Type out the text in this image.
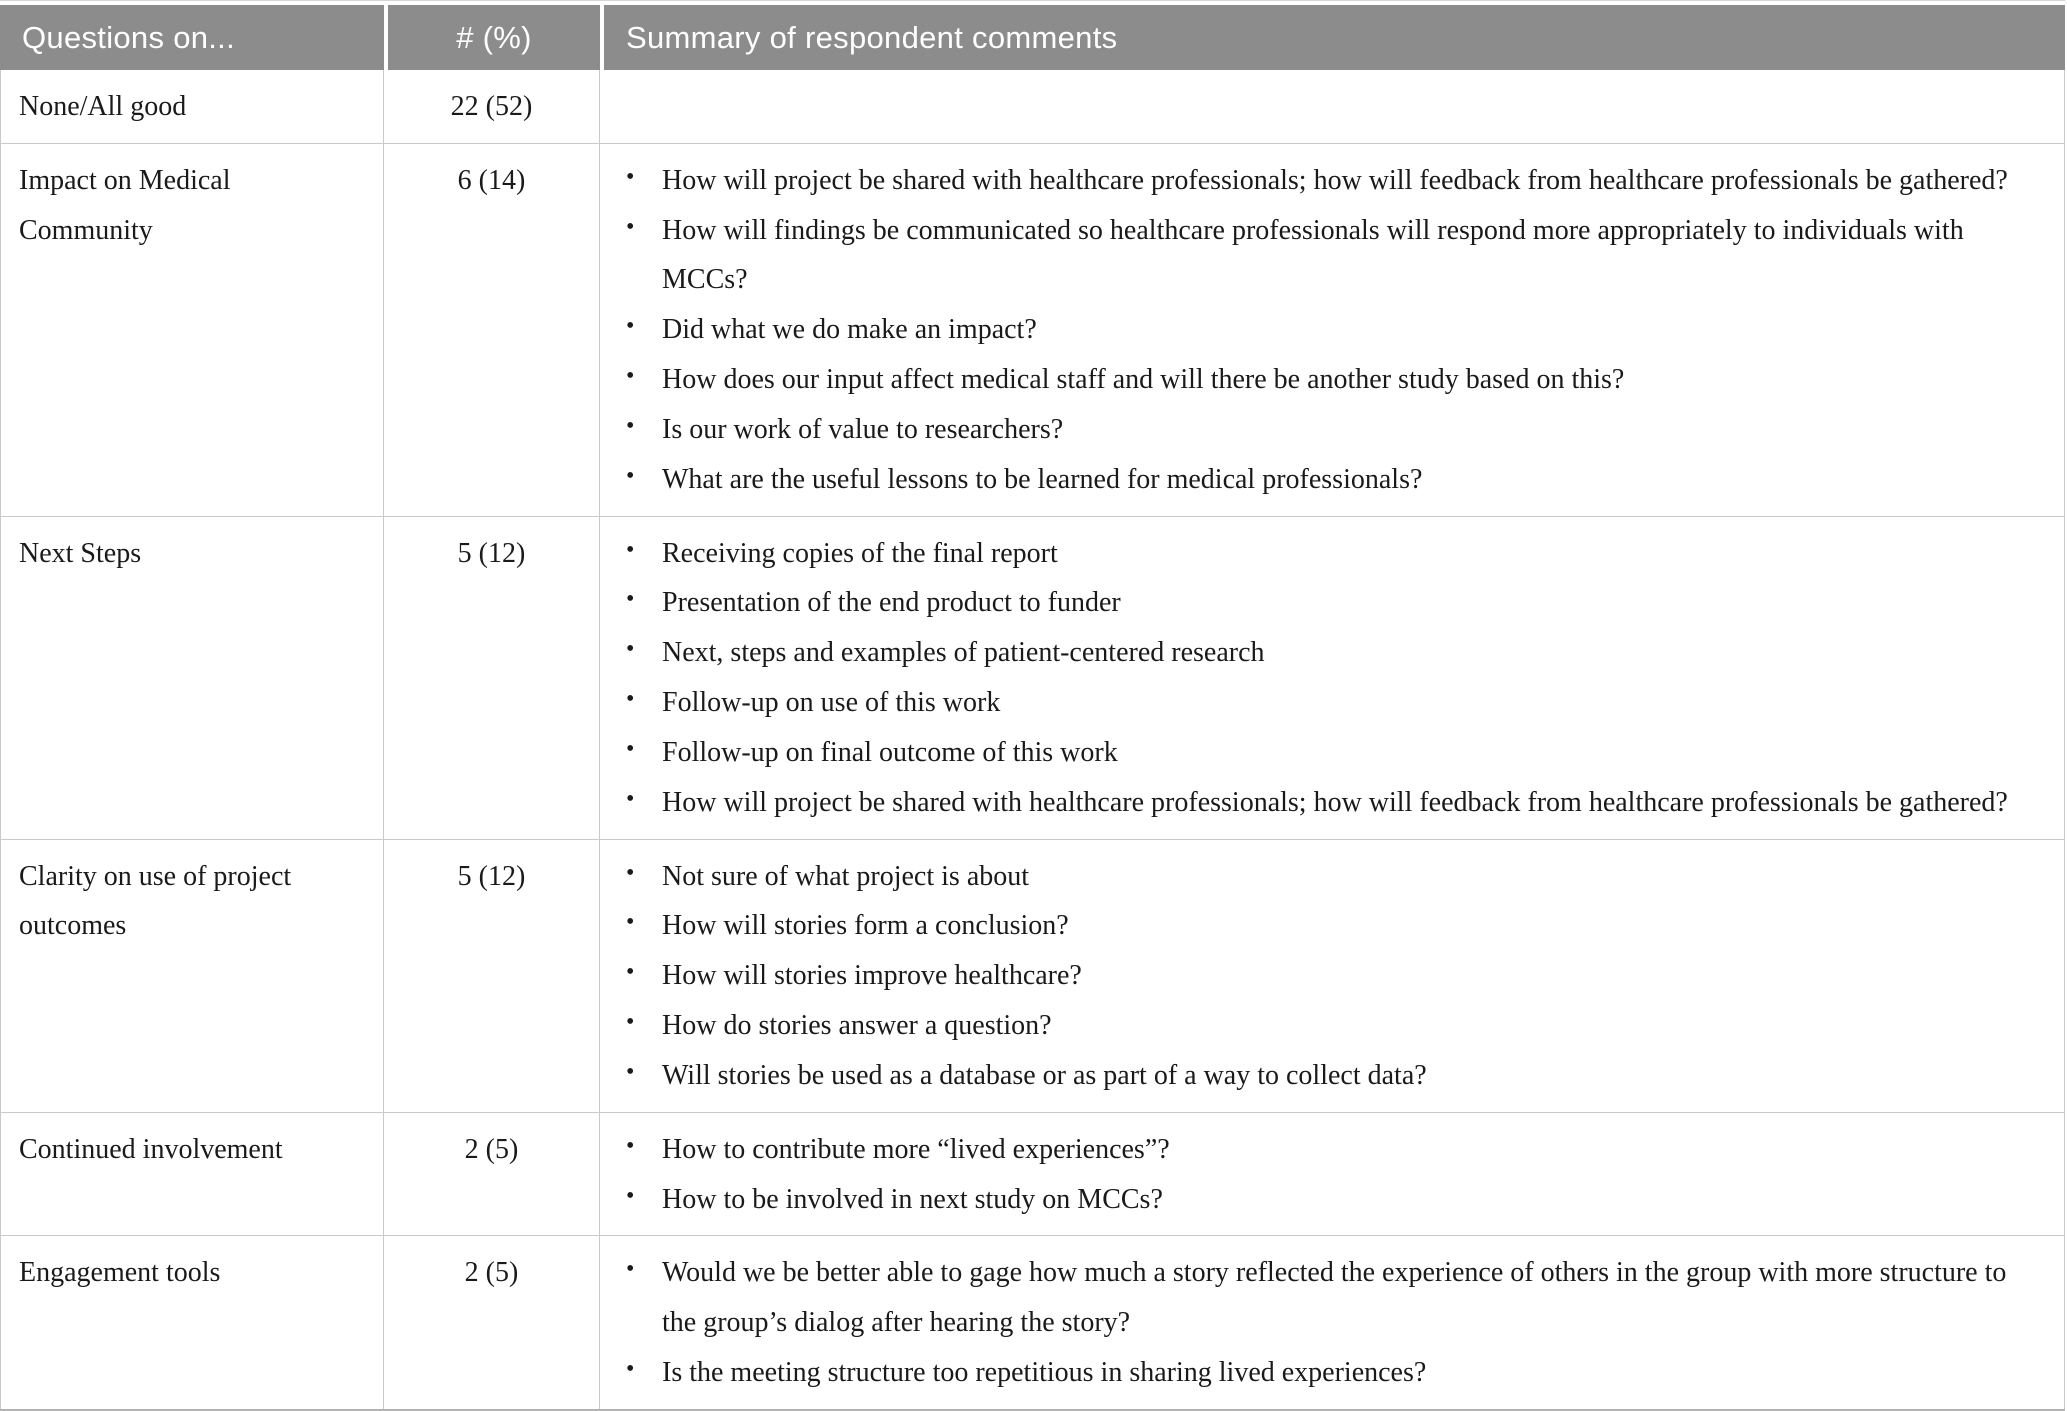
Questions on...	# (%)	Summary of respondent comments
None/All good	22 (52)	
Impact on Medical Community	6 (14)	• How will project be shared with healthcare professionals; how will feedback from healthcare professionals be gathered?
• How will findings be communicated so healthcare professionals will respond more appropriately to individuals with MCCs?
• Did what we do make an impact?
• How does our input affect medical staff and will there be another study based on this?
• Is our work of value to researchers?
• What are the useful lessons to be learned for medical professionals?

Next Steps	5 (12)	• Receiving copies of the final report
• Presentation of the end product to funder
• Next, steps and examples of patient-centered research
• Follow-up on use of this work
• Follow-up on final outcome of this work
• How will project be shared with healthcare professionals; how will feedback from healthcare professionals be gathered?

Clarity on use of project outcomes	5 (12)	• Not sure of what project is about
• How will stories form a conclusion?
• How will stories improve healthcare?
• How do stories answer a question?
• Will stories be used as a database or as part of a way to collect data?

Continued involvement	2 (5)	• How to contribute more “lived experiences”?
• How to be involved in next study on MCCs?

Engagement tools	2 (5)	• Would we be better able to gage how much a story reflected the experience of others in the group with more structure to the group’s dialog after hearing the story?
• Is the meeting structure too repetitious in sharing lived experiences?
